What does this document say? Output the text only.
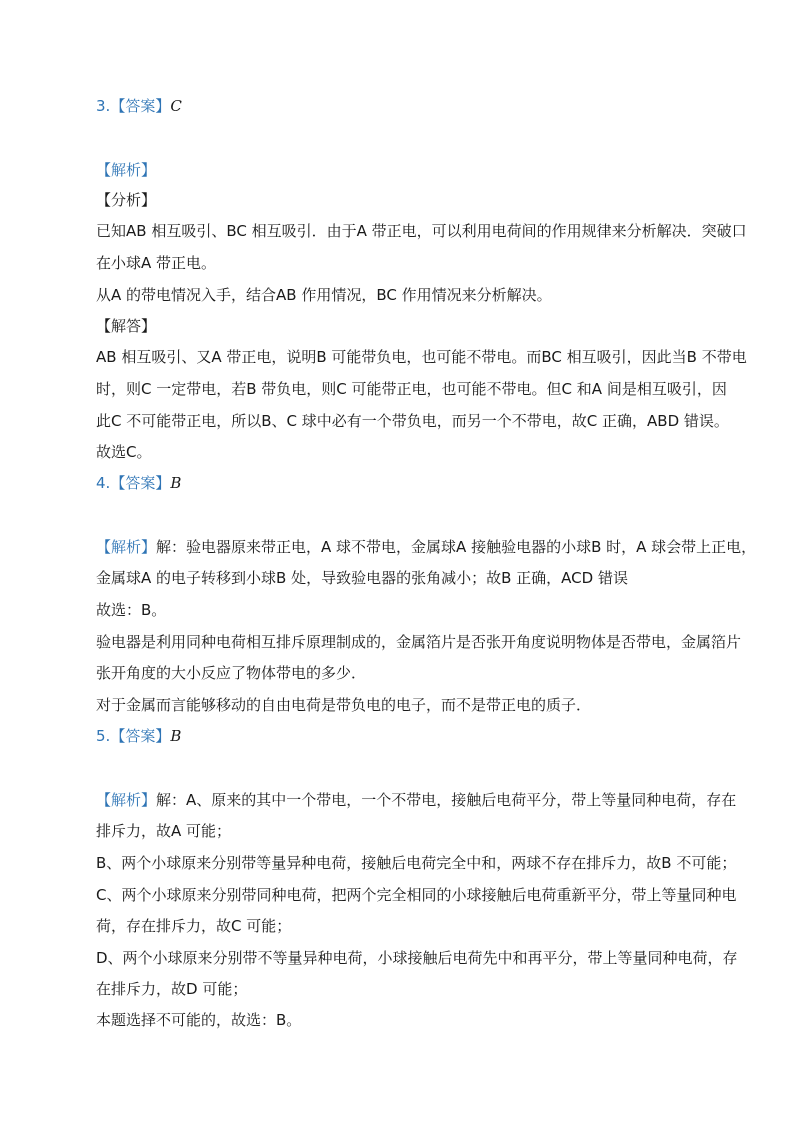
3.【答案】C
【解析】
【分析】
已知AB 相互吸引、BC 相互吸引．由于A 带正电，可以利用电荷间的作用规律来分析解决．突破口
在小球A 带正电。
从A 的带电情况入手，结合AB 作用情况，BC 作用情况来分析解决。
【解答】
AB 相互吸引、又A 带正电，说明B 可能带负电，也可能不带电。而BC 相互吸引，因此当B 不带电
时，则C 一定带电，若B 带负电，则C 可能带正电，也可能不带电。但C 和A 间是相互吸引，因
此C 不可能带正电，所以B、C 球中必有一个带负电，而另一个不带电，故C 正确，ABD 错误。
故选C。
4.【答案】B
【解析】解：验电器原来带正电，A 球不带电，金属球A 接触验电器的小球B 时，A 球会带上正电，
金属球A 的电子转移到小球B 处，导致验电器的张角减小；故B 正确，ACD 错误
故选：B。
验电器是利用同种电荷相互排斥原理制成的，金属箔片是否张开角度说明物体是否带电，金属箔片
张开角度的大小反应了物体带电的多少．
对于金属而言能够移动的自由电荷是带负电的电子，而不是带正电的质子．
5.【答案】B
【解析】解：A、原来的其中一个带电，一个不带电，接触后电荷平分，带上等量同种电荷，存在
排斥力，故A 可能；
B、两个小球原来分别带等量异种电荷，接触后电荷完全中和，两球不存在排斥力，故B 不可能；
C、两个小球原来分别带同种电荷，把两个完全相同的小球接触后电荷重新平分，带上等量同种电
荷，存在排斥力，故C 可能；
D、两个小球原来分别带不等量异种电荷，小球接触后电荷先中和再平分，带上等量同种电荷，存
在排斥力，故D 可能；
本题选择不可能的，故选：B。
